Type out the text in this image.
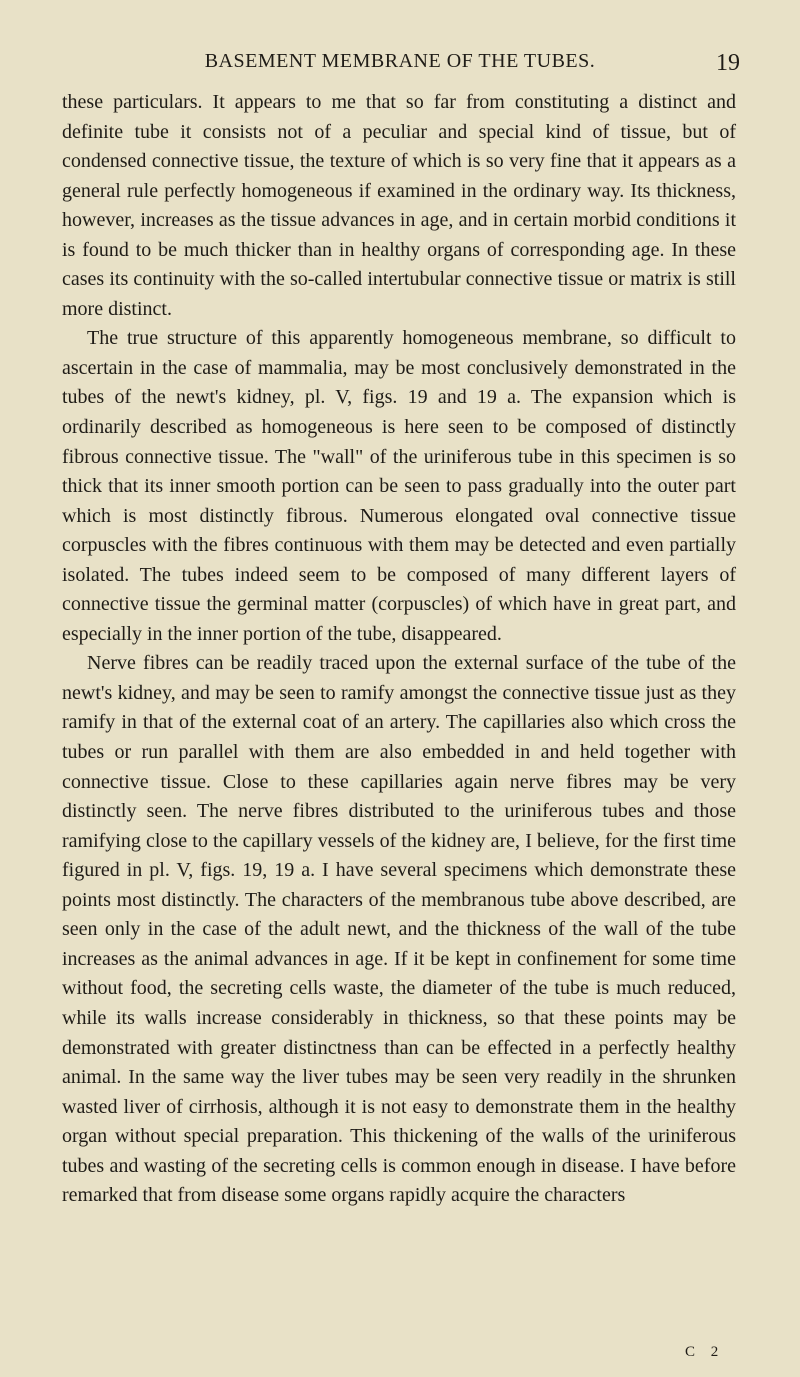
BASEMENT MEMBRANE OF THE TUBES.	19

these particulars. It appears to me that so far from constituting a distinct and definite tube it consists not of a peculiar and special kind of tissue, but of condensed connective tissue, the texture of which is so very fine that it appears as a general rule perfectly homogeneous if examined in the ordinary way. Its thickness, however, increases as the tissue advances in age, and in certain morbid conditions it is found to be much thicker than in healthy organs of corresponding age. In these cases its continuity with the so-called intertubular connective tissue or matrix is still more distinct.

The true structure of this apparently homogeneous membrane, so difficult to ascertain in the case of mammalia, may be most conclusively demonstrated in the tubes of the newt's kidney, pl. V, figs. 19 and 19 a. The expansion which is ordinarily described as homogeneous is here seen to be composed of distinctly fibrous connective tissue. The "wall" of the uriniferous tube in this specimen is so thick that its inner smooth portion can be seen to pass gradually into the outer part which is most distinctly fibrous. Numerous elongated oval connective tissue corpuscles with the fibres continuous with them may be detected and even partially isolated. The tubes indeed seem to be composed of many different layers of connective tissue the germinal matter (corpuscles) of which have in great part, and especially in the inner portion of the tube, disappeared.

Nerve fibres can be readily traced upon the external surface of the tube of the newt's kidney, and may be seen to ramify amongst the connective tissue just as they ramify in that of the external coat of an artery. The capillaries also which cross the tubes or run parallel with them are also embedded in and held together with connective tissue. Close to these capillaries again nerve fibres may be very distinctly seen. The nerve fibres distributed to the uriniferous tubes and those ramifying close to the capillary vessels of the kidney are, I believe, for the first time figured in pl. V, figs. 19, 19 a. I have several specimens which demonstrate these points most distinctly. The characters of the membranous tube above described, are seen only in the case of the adult newt, and the thickness of the wall of the tube increases as the animal advances in age. If it be kept in confinement for some time without food, the secreting cells waste, the diameter of the tube is much reduced, while its walls increase considerably in thickness, so that these points may be demonstrated with greater distinctness than can be effected in a perfectly healthy animal. In the same way the liver tubes may be seen very readily in the shrunken wasted liver of cirrhosis, although it is not easy to demonstrate them in the healthy organ without special preparation. This thickening of the walls of the uriniferous tubes and wasting of the secreting cells is common enough in disease. I have before remarked that from disease some organs rapidly acquire the characters

C 2
